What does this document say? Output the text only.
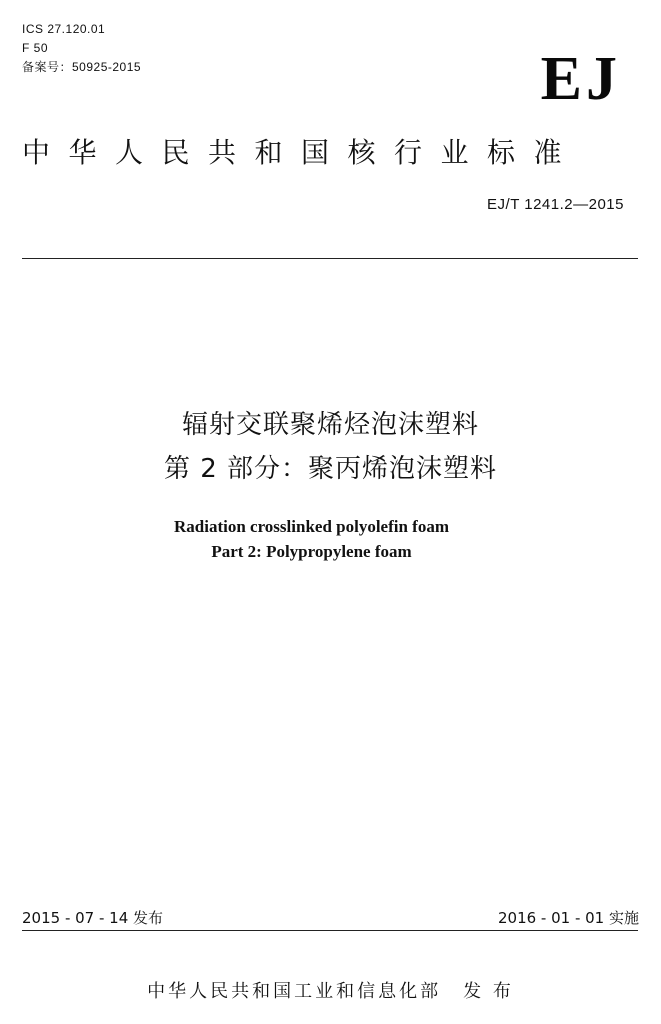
ICS 27.120.01
F 50
备案号：50925-2015	EJ
中华人民共和国核行业标准
EJ/T 1241.2—2015
辐射交联聚烯烃泡沫塑料
第 2 部分：聚丙烯泡沫塑料
Radiation crosslinked polyolefin foam
Part 2: Polypropylene foam
2015 - 07 - 14 发布	2016 - 01 - 01 实施
中华人民共和国工业和信息化部 发 布
